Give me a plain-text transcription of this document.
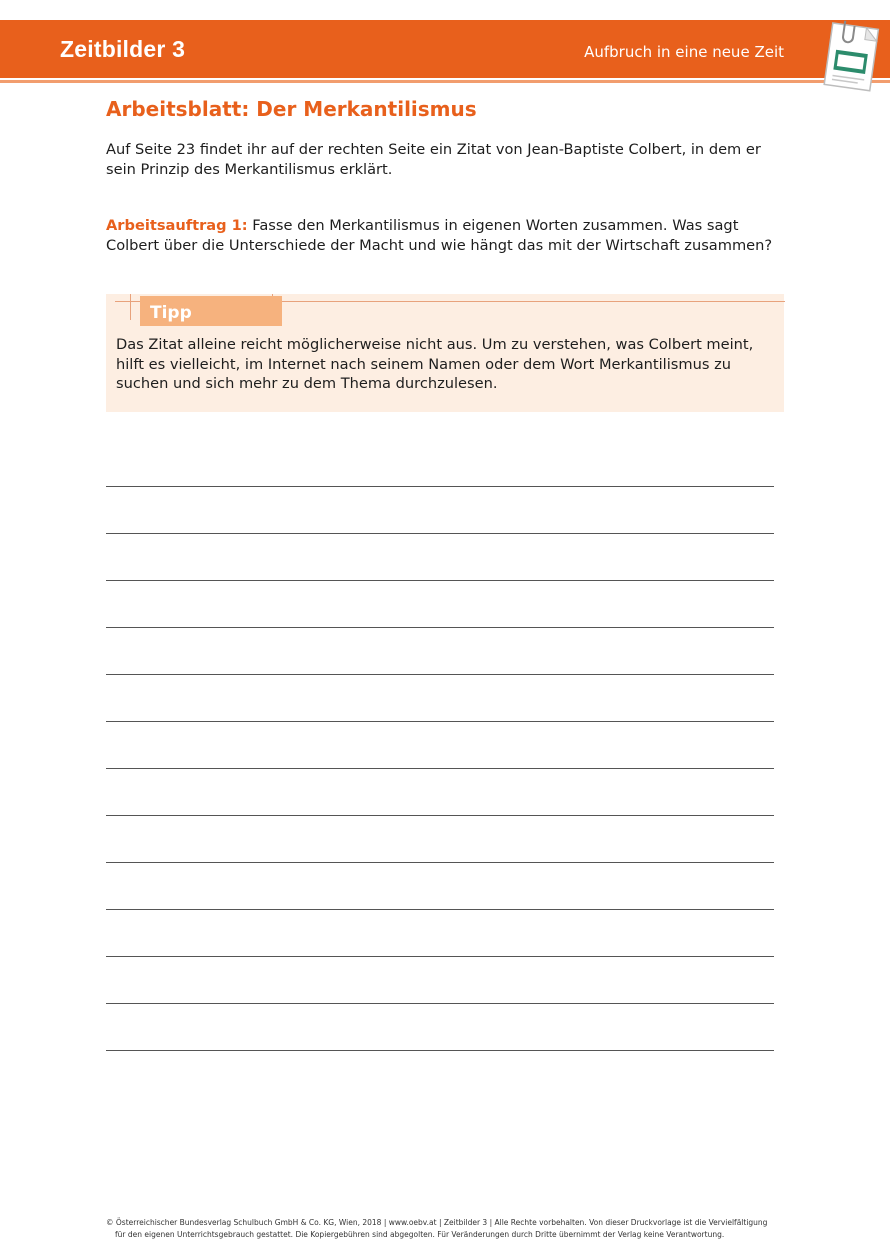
Zeitbilder 3	Aufbruch in eine neue Zeit
Arbeitsblatt: Der Merkantilismus
Auf Seite 23 findet ihr auf der rechten Seite ein Zitat von Jean-Baptiste Colbert, in dem er sein Prinzip des Merkantilismus erklärt.
Arbeitsauftrag 1: Fasse den Merkantilismus in eigenen Worten zusammen. Was sagt Colbert über die Unterschiede der Macht und wie hängt das mit der Wirtschaft zusammen?
Tipp
Das Zitat alleine reicht möglicherweise nicht aus. Um zu verstehen, was Colbert meint, hilft es vielleicht, im Internet nach seinem Namen oder dem Wort Merkantilismus zu suchen und sich mehr zu dem Thema durchzulesen.
© Österreichischer Bundesverlag Schulbuch GmbH & Co. KG, Wien, 2018 | www.oebv.at | Zeitbilder 3 | Alle Rechte vorbehalten. Von dieser Druckvorlage ist die Vervielfältigung
für den eigenen Unterrichtsgebrauch gestattet. Die Kopiergebühren sind abgegolten. Für Veränderungen durch Dritte übernimmt der Verlag keine Verantwortung.
